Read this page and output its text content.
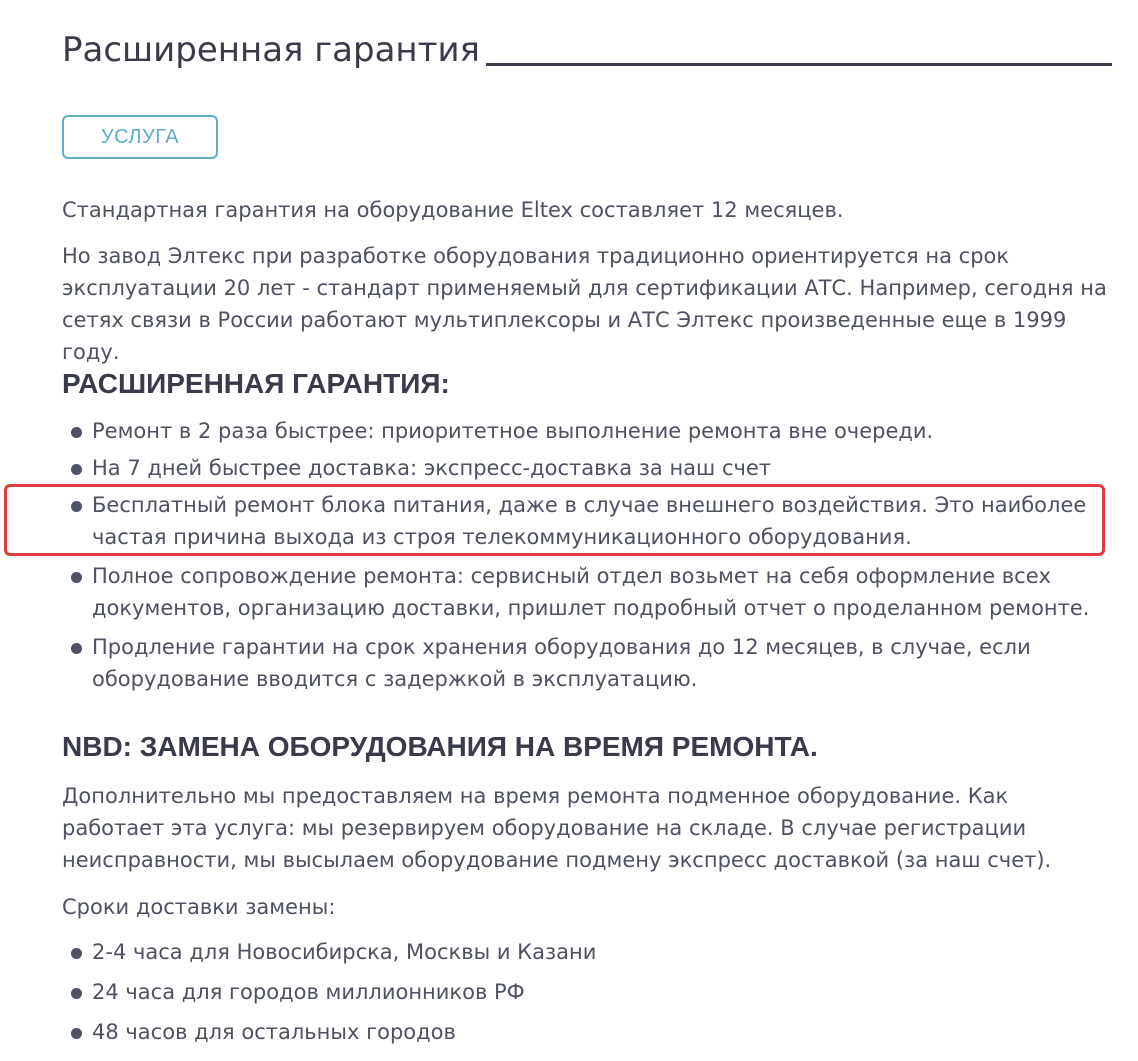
Расширенная гарантия
УСЛУГА

Стандартная гарантия на оборудование Eltex составляет 12 месяцев.

Но завод Элтекс при разработке оборудования традиционно ориентируется на срок эксплуатации 20 лет - стандарт применяемый для сертификации АТС. Например, сегодня на сетях связи в России работают мультиплексоры и АТС Элтекс произведенные еще в 1999 году.

РАСШИРЕННАЯ ГАРАНТИЯ:
Ремонт в 2 раза быстрее: приоритетное выполнение ремонта вне очереди.
На 7 дней быстрее доставка: экспресс-доставка за наш счет
Бесплатный ремонт блока питания, даже в случае внешнего воздействия. Это наиболее частая причина выхода из строя телекоммуникационного оборудования.
Полное сопровождение ремонта: сервисный отдел возьмет на себя оформление всех документов, организацию доставки, пришлет подробный отчет о проделанном ремонте.
Продление гарантии на срок хранения оборудования до 12 месяцев, в случае, если оборудование вводится с задержкой в эксплуатацию.
NBD: ЗАМЕНА ОБОРУДОВАНИЯ НА ВРЕМЯ РЕМОНТА.

Дополнительно мы предоставляем на время ремонта подменное оборудование. Как работает эта услуга: мы резервируем оборудование на складе. В случае регистрации неисправности, мы высылаем оборудование подмену экспресс доставкой (за наш счет).

Сроки доставки замены:

2-4 часа для Новосибирска, Москвы и Казани
24 часа для городов миллионников РФ
48 часов для остальных городов
